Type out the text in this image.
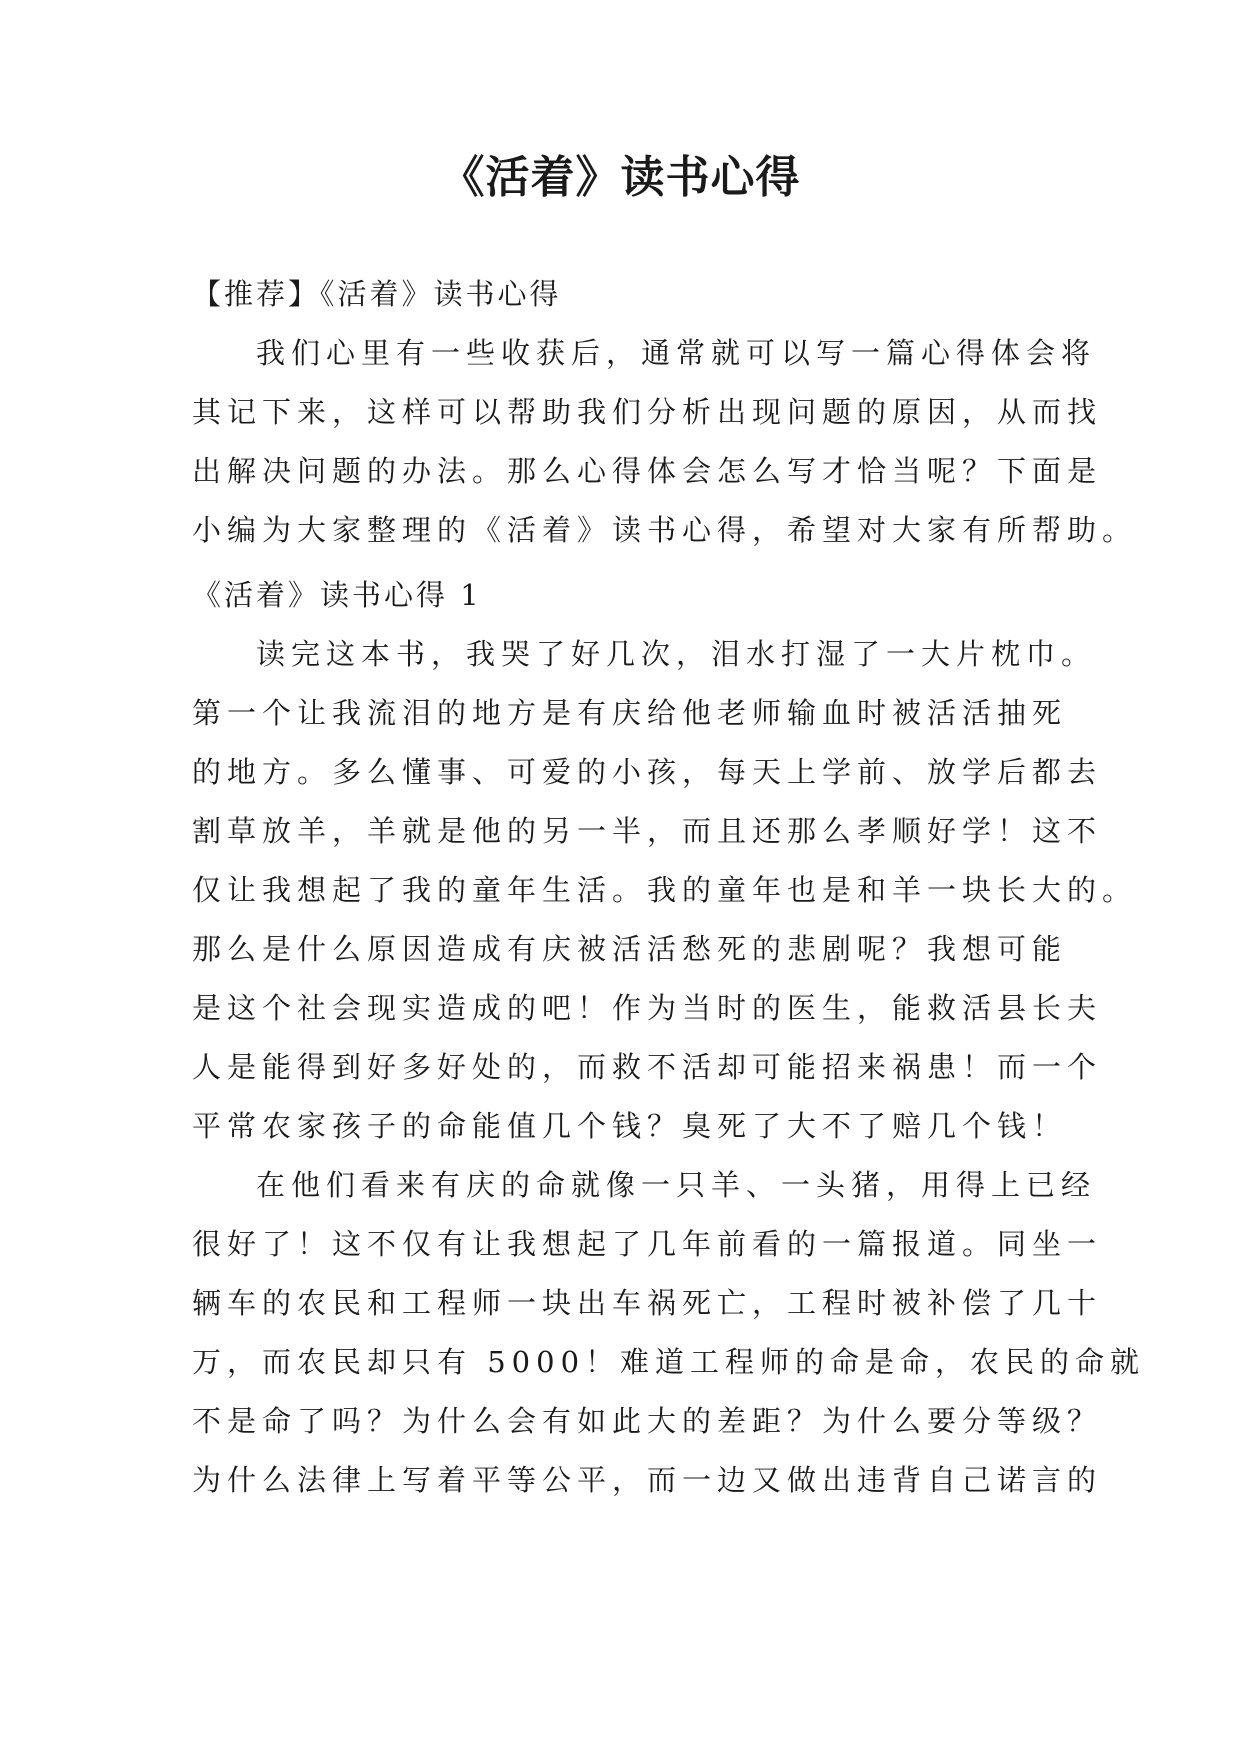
《活着》读书心得
【推荐】《活着》读书心得
我们心里有一些收获后，通常就可以写一篇心得体会将
其记下来，这样可以帮助我们分析出现问题的原因，从而找
出解决问题的办法。那么心得体会怎么写才恰当呢？下面是
小编为大家整理的《活着》读书心得，希望对大家有所帮助。
《活着》读书心得 1
读完这本书，我哭了好几次，泪水打湿了一大片枕巾。
第一个让我流泪的地方是有庆给他老师输血时被活活抽死
的地方。多么懂事、可爱的小孩，每天上学前、放学后都去
割草放羊，羊就是他的另一半，而且还那么孝顺好学！这不
仅让我想起了我的童年生活。我的童年也是和羊一块长大的。
那么是什么原因造成有庆被活活愁死的悲剧呢？我想可能
是这个社会现实造成的吧！作为当时的医生，能救活县长夫
人是能得到好多好处的，而救不活却可能招来祸患！而一个
平常农家孩子的命能值几个钱？臭死了大不了赔几个钱！
在他们看来有庆的命就像一只羊、一头猪，用得上已经
很好了！这不仅有让我想起了几年前看的一篇报道。同坐一
辆车的农民和工程师一块出车祸死亡，工程时被补偿了几十
万，而农民却只有 5000！难道工程师的命是命，农民的命就
不是命了吗？为什么会有如此大的差距？为什么要分等级？
为什么法律上写着平等公平，而一边又做出违背自己诺言的
